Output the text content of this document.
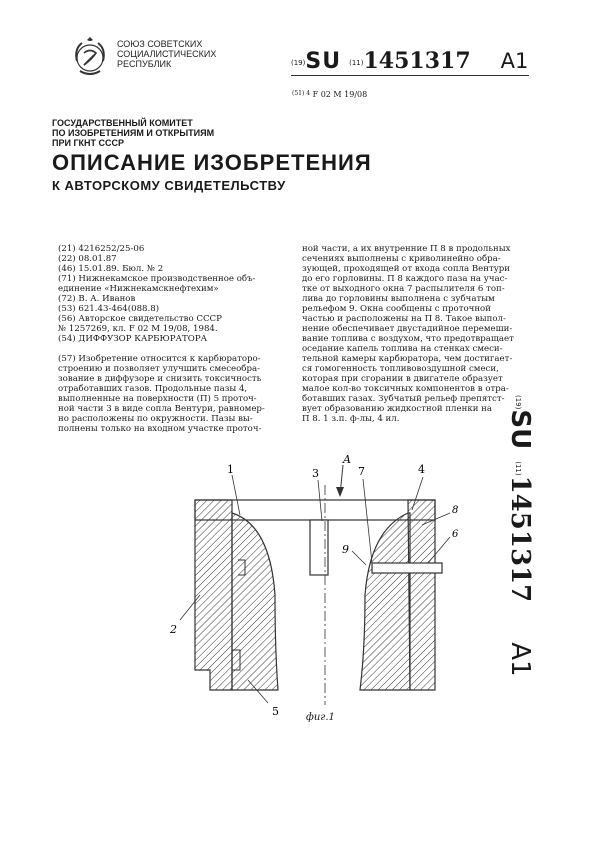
СОЮЗ СОВЕТСКИХ
СОЦИАЛИСТИЧЕСКИХ
РЕСПУБЛИК	(19)SU (11)1451317 A1
$^{(51) 4}$ F 02 M 19/08
ГОСУДАРСТВЕННЫЙ КОМИТЕТ
ПО ИЗОБРЕТЕНИЯМ И ОТКРЫТИЯМ
ПРИ ГКНТ СССР
ОПИСАНИЕ ИЗОБРЕТЕНИЯ
К АВТОРСКОМУ СВИДЕТЕЛЬСТВУ
(21) 4216252/25-06
(22) 08.01.87
(46) 15.01.89. Бюл. № 2
(71) Нижнекамское производственное объ-
единение «Нижнекамскнефтехим»
(72) В. А. Иванов
(53) 621.43-464(088.8)
(56) Авторское свидетельство СССР
№ 1257269, кл. F 02 M 19/08, 1984.
(54) ДИФФУЗОР КАРБЮРАТОРА
(57) Изобретение относится к карбюраторо-
строению и позволяет улучшить смесеобра-
зование в диффузоре и снизить токсичность
отработавших газов. Продольные пазы 4,
выполненные на поверхности (П) 5 проточ-
ной части 3 в виде сопла Вентури, равномер-
но расположены по окружности. Пазы вы-
полнены только на входном участке проточ-
ной части, а их внутренние П 8 в продольных
сечениях выполнены с криволинейно обра-
зующей, проходящей от входа сопла Вентури
до его горловины. П 8 каждого паза на учас-
тке от выходного окна 7 распылителя 6 топ-
лива до горловины выполнена с зубчатым
рельефом 9. Окна сообщены с проточной
частью и расположены на П 8. Такое выпол-
нение обеспечивает двустадийное перемеши-
вание топлива с воздухом, что предотвращает
оседание капель топлива на стенках смеси-
тельной камеры карбюратора, чем достигает-
ся гомогенность топливовоздушной смеси,
которая при сгорании в двигателе образует
малое кол-во токсичных компонентов в отра-
ботавших газах. Зубчатый рельеф препятст-
вует образованию жидкостной пленки на
П 8. 1 з.п. ф-лы, 4 ил.
$^{(19)}$SU$^{(11)}$1451317A1
1
2
3
A
7	4
8
6
9
5	фиг.1
